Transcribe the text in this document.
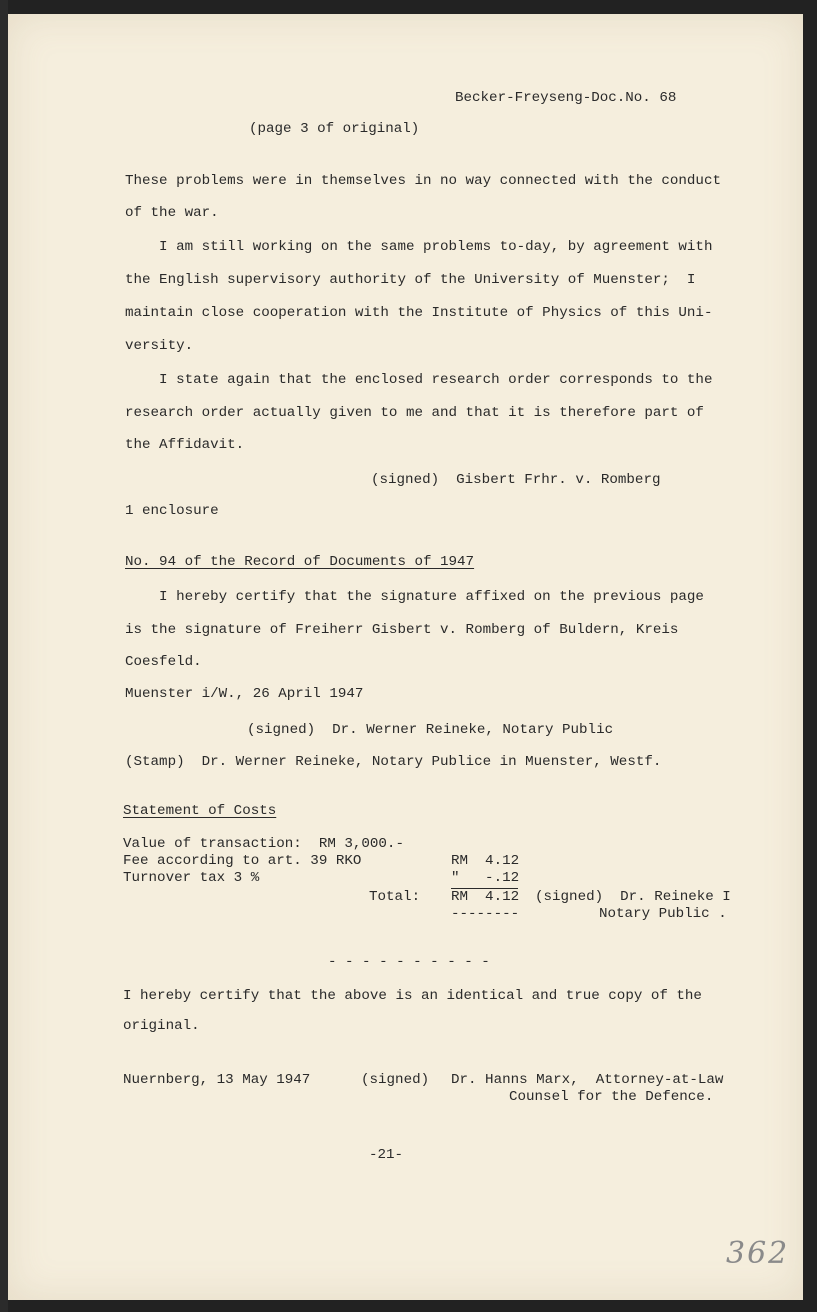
Becker-Freyseng-Doc.No. 68
(page 3 of original)
These problems were in themselves in no way connected with the conduct
of the war.
I am still working on the same problems to-day, by agreement with
the English supervisory authority of the University of Muenster;  I
maintain close cooperation with the Institute of Physics of this Uni-
versity.
I state again that the enclosed research order corresponds to the
research order actually given to me and that it is therefore part of
the Affidavit.
(signed)  Gisbert Frhr. v. Romberg
1 enclosure
No. 94 of the Record of Documents of 1947
I hereby certify that the signature affixed on the previous page
is the signature of Freiherr Gisbert v. Romberg of Buldern, Kreis
Coesfeld.
Muenster i/W., 26 April 1947
(signed)  Dr. Werner Reineke, Notary Public
(Stamp)  Dr. Werner Reineke, Notary Publice in Muenster, Westf.
Statement of Costs
Value of transaction:  RM 3,000.-
Fee according to art. 39 RKO	RM  4.12
Turnover tax 3 %	"   -.12
Total: RM  4.12 (signed)  Dr. Reineke I
--------	Notary Public .
- - - - - - - - - -
I hereby certify that the above is an identical and true copy of the
original.
Nuernberg, 13 May 1947	(signed) Dr. Hanns Marx,  Attorney-at-Law
Counsel for the Defence.
-21-
362
